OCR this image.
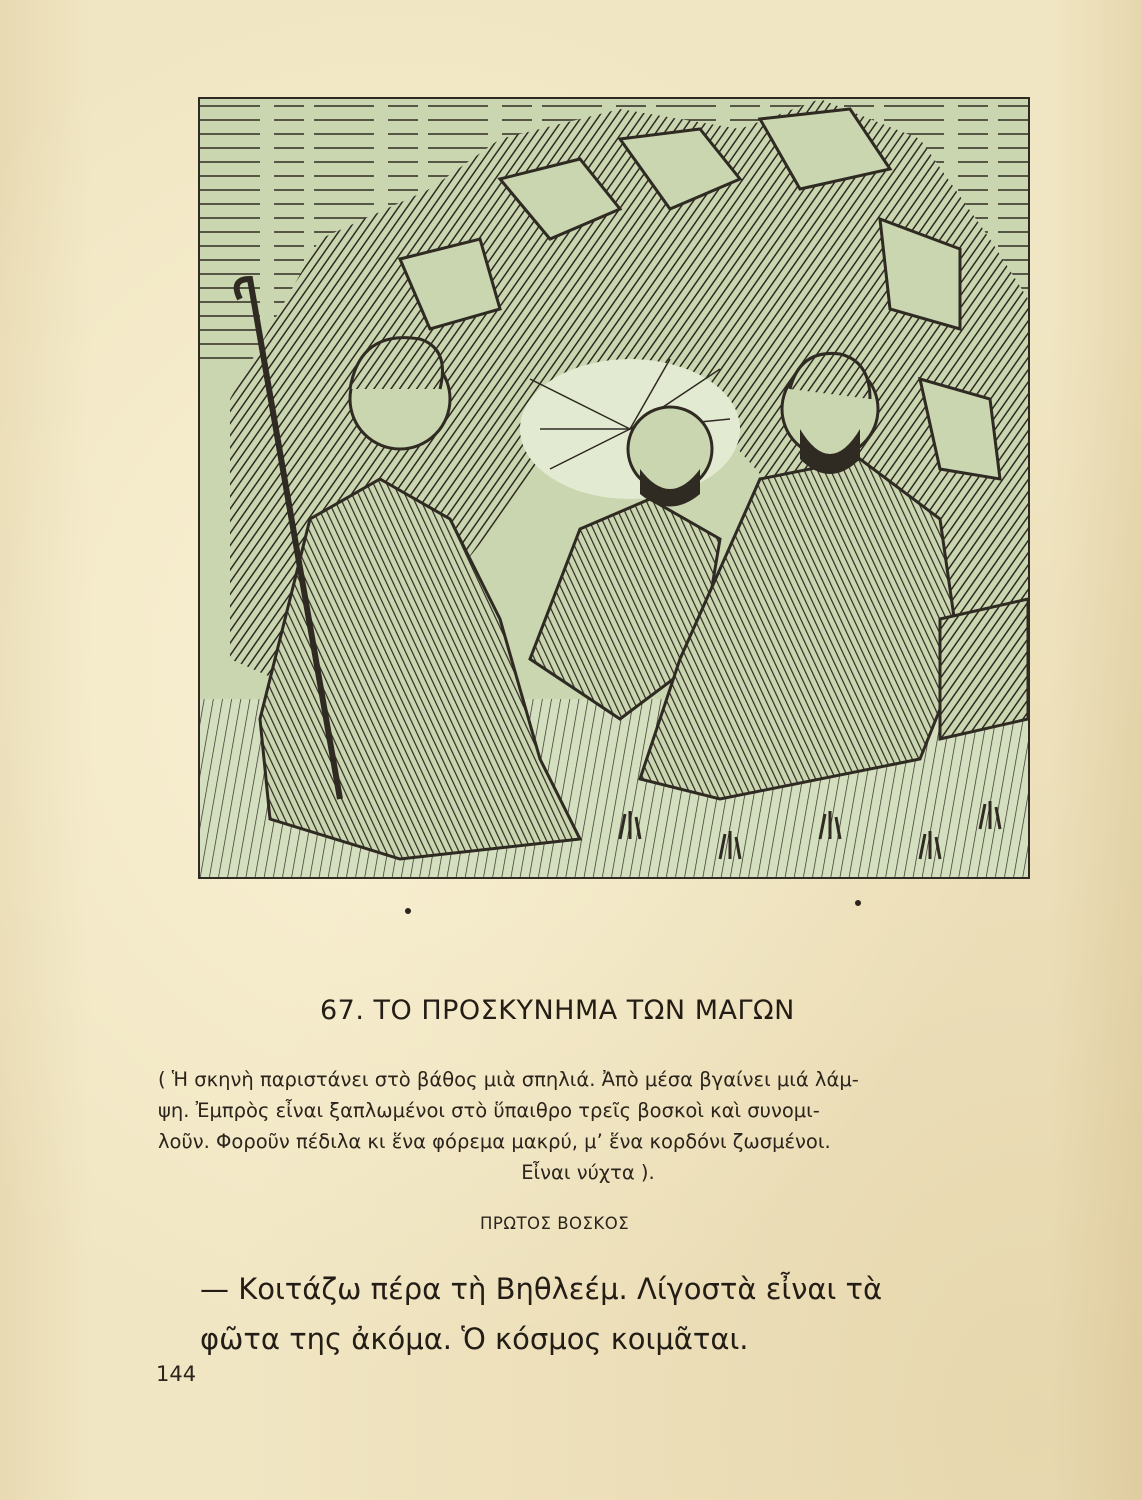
67. ΤΟ ΠΡΟΣΚΥΝΗΜΑ ΤΩΝ ΜΑΓΩΝ
( Ἡ σκηνὴ παριστάνει στὸ βάθος μιὰ σπηλιά. Ἀπὸ μέσα βγαίνει μιά λάμ-
ψη. Ἐμπρὸς εἶναι ξαπλωμένοι στὸ ὕπαιθρο τρεῖς βοσκοὶ καὶ συνομι-
λοῦν. Φοροῦν πέδιλα κι ἕνα φόρεμα μακρύ, μ’ ἕνα κορδόνι ζωσμένοι.
Εἶναι νύχτα ).
ΠΡΩΤΟΣ ΒΟΣΚΟΣ
— Κοιτάζω πέρα τὴ Βηθλεέμ. Λίγοστὰ εἶναι τὰ
φῶτα της ἀκόμα. Ὁ κόσμος κοιμᾶται.
144
